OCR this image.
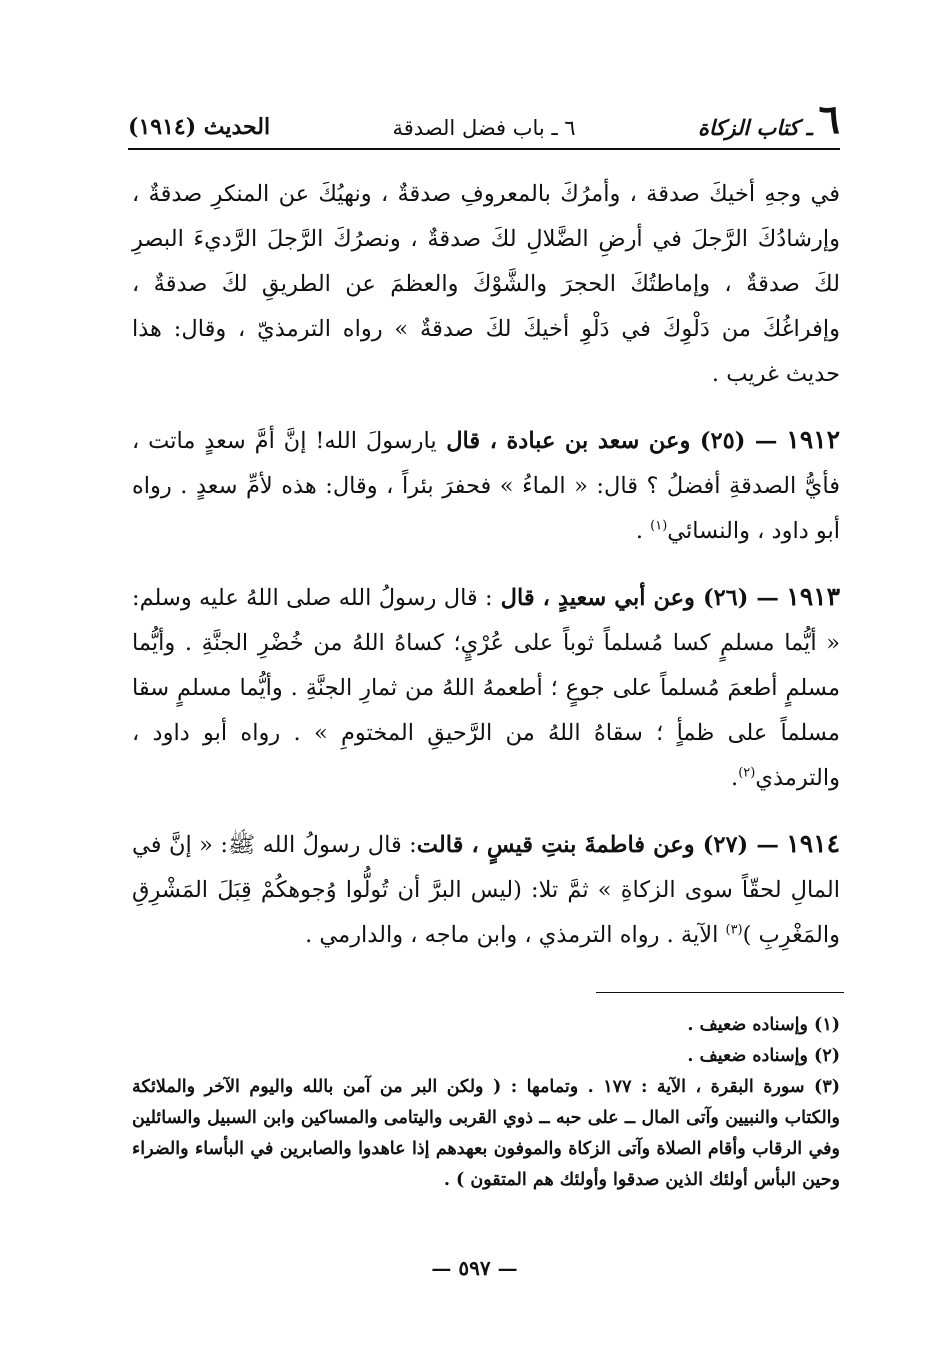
٦
ـ كتاب الزكاة
٦ ـ باب فضل الصدقة
الحديث (١٩١٤)

في وجهِ أخيكَ صدقة ، وأمرُكَ بالمعروفِ صدقةٌ ، ونهيُكَ عن المنكرِ صدقةٌ ، وإرشادُكَ الرَّجلَ في أرضِ الضَّلالِ لكَ صدقةٌ ، ونصرُكَ الرَّجلَ الرَّديءَ البصرِ لكَ صدقةٌ ، وإماطتُكَ الحجرَ والشَّوْكَ والعظمَ عن الطريقِ لكَ صدقةٌ ، وإفراغُكَ من دَلْوِكَ في دَلْوِ أخيكَ لكَ صدقةٌ » رواه الترمذيّ ، وقال: هذا حديث غريب .

١٩١٢ — (٢٥) وعن سعد بن عبادة ، قال يارسولَ الله! إنَّ أمَّ سعدٍ ماتت ، فأيُّ الصدقةِ أفضلُ ؟ قال: « الماءُ » فحفرَ بئراً ، وقال: هذه لأمِّ سعدٍ . رواه أبو داود ، والنسائي$^{(١)}$ .

١٩١٣ — (٢٦) وعن أبي سعيدٍ ، قال : قال رسولُ الله صلى اللهُ عليه وسلم: « أيُّما مسلمٍ كسا مُسلماً ثوباً على عُرْيٍ؛ كساهُ اللهُ من خُضْرِ الجنَّةِ . وأيُّما مسلمٍ أطعمَ مُسلماً على جوعٍ ؛ أطعمهُ اللهُ من ثمارِ الجنَّةِ . وأيُّما مسلمٍ سقا مسلماً على ظمأٍ ؛ سقاهُ اللهُ من الرَّحيقِ المختومِ » . رواه أبو داود ، والترمذي$^{(٢)}$.

١٩١٤ — (٢٧) وعن فاطمةَ بنتِ قيسٍ ، قالت: قال رسولُ الله ﷺ: « إنَّ في المالِ لحقّاً سوى الزكاةِ » ثمَّ تلا: (ليس البرَّ أن تُولُّوا وُجوهكُمْ قِبَلَ المَشْرِقِ والمَغْرِبِ )$^{(٣)}$ الآية . رواه الترمذي ، وابن ماجه ، والدارمي .

(١) وإسناده ضعيف .

(٢) وإسناده ضعيف .

(٣) سورة البقرة ، الآية : ١٧٧ . وتمامها : ( ولكن البر من آمن بالله واليوم الآخر والملائكة والكتاب والنبيين وآتى المال ــ على حبه ــ ذوي القربى واليتامى والمساكين وابن السبيل والسائلين وفي الرقاب وأقام الصلاة وآتى الزكاة والموفون بعهدهم إذا عاهدوا والصابرين في البأساء والضراء وحين البأس أولئك الذين صدقوا وأولئك هم المتقون ) .

— ٥٩٧ —
